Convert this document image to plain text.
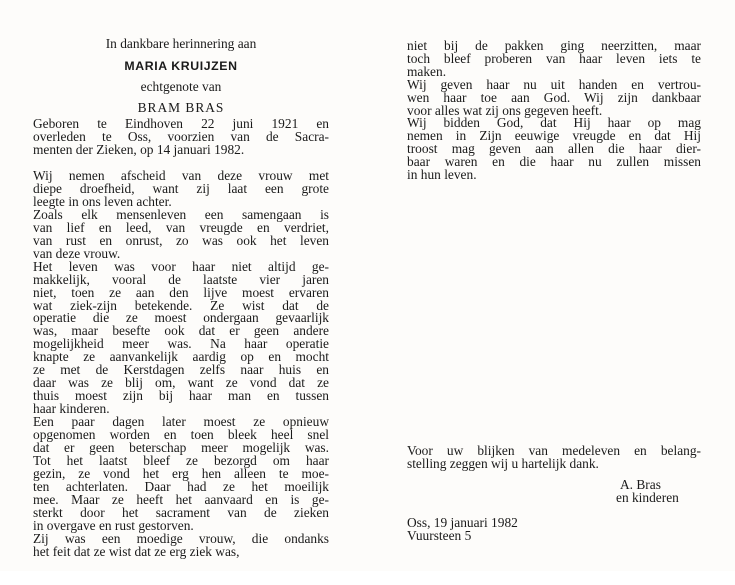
In dankbare herinnering aan
MARIA KRUIJZEN
echtgenote van
BRAM BRAS
Geboren te Eindhoven 22 juni 1921 en
overleden te Oss, voorzien van de Sacra-
menten der Zieken, op 14 januari 1982.
Wij nemen afscheid van deze vrouw met
diepe droefheid, want zij laat een grote
leegte in ons leven achter.
Zoals elk mensenleven een samengaan is
van lief en leed, van vreugde en verdriet,
van rust en onrust, zo was ook het leven
van deze vrouw.
Het leven was voor haar niet altijd ge-
makkelijk, vooral de laatste vier jaren
niet, toen ze aan den lijve moest ervaren
wat ziek-zijn betekende. Ze wist dat de
operatie die ze moest ondergaan gevaarlijk
was, maar besefte ook dat er geen andere
mogelijkheid meer was. Na haar operatie
knapte ze aanvankelijk aardig op en mocht
ze met de Kerstdagen zelfs naar huis en
daar was ze blij om, want ze vond dat ze
thuis moest zijn bij haar man en tussen
haar kinderen.
Een paar dagen later moest ze opnieuw
opgenomen worden en toen bleek heel snel
dat er geen beterschap meer mogelijk was.
Tot het laatst bleef ze bezorgd om haar
gezin, ze vond het erg hen alleen te moe-
ten achterlaten. Daar had ze het moeilijk
mee. Maar ze heeft het aanvaard en is ge-
sterkt door het sacrament van de zieken
in overgave en rust gestorven.
Zij was een moedige vrouw, die ondanks
het feit dat ze wist dat ze erg ziek was,
niet bij de pakken ging neerzitten, maar
toch bleef proberen van haar leven iets te
maken.
Wij geven haar nu uit handen en vertrou-
wen haar toe aan God. Wij zijn dankbaar
voor alles wat zij ons gegeven heeft.
Wij bidden God, dat Hij haar op mag
nemen in Zijn eeuwige vreugde en dat Hij
troost mag geven aan allen die haar dier-
baar waren en die haar nu zullen missen
in hun leven.
Voor uw blijken van medeleven en belang-
stelling zeggen wij u hartelijk dank.
A. Bras
en kinderen
Oss, 19 januari 1982
Vuursteen 5
